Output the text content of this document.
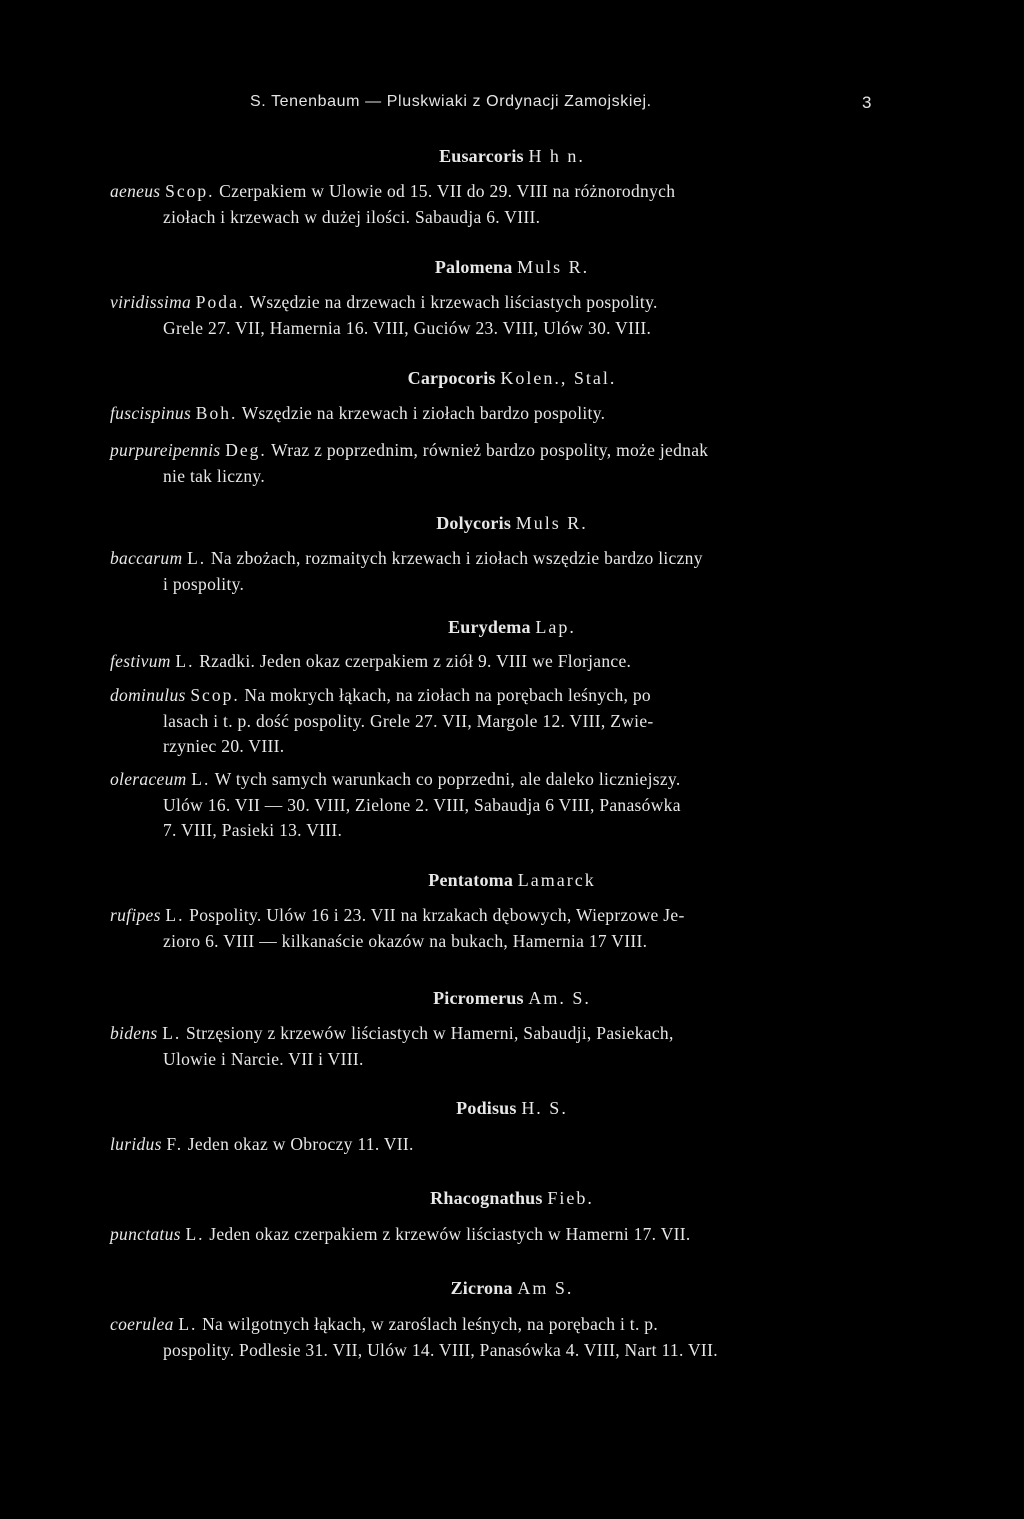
S. Tenenbaum — Pluskwiaki z Ordynacji Zamojskiej.	3
Eusarcoris H h n.
aeneus Scop. Czerpakiem w Ulowie od 15. VII do 29. VIII na różnorodnych
ziołach i krzewach w dużej ilości. Sabaudja 6. VIII.
Palomena Muls R.
viridissima Poda. Wszędzie na drzewach i krzewach liściastych pospolity.
Grele 27. VII, Hamernia 16. VIII, Guciów 23. VIII, Ulów 30. VIII.
Carpocoris Kolen., Stal.
fuscispinus Boh. Wszędzie na krzewach i ziołach bardzo pospolity.
purpureipennis Deg. Wraz z poprzednim, również bardzo pospolity, może jednak
nie tak liczny.
Dolycoris Muls R.
baccarum L. Na zbożach, rozmaitych krzewach i ziołach wszędzie bardzo liczny
i pospolity.
Eurydema Lap.
festivum L. Rzadki. Jeden okaz czerpakiem z ziół 9. VIII we Florjance.
dominulus Scop. Na mokrych łąkach, na ziołach na porębach leśnych, po
lasach i t. p. dość pospolity. Grele 27. VII, Margole 12. VIII, Zwie-
rzyniec 20. VIII.
oleraceum L. W tych samych warunkach co poprzedni, ale daleko liczniejszy.
Ulów 16. VII — 30. VIII, Zielone 2. VIII, Sabaudja 6 VIII, Panasówka
7. VIII, Pasieki 13. VIII.
Pentatoma Lamarck
rufipes L. Pospolity. Ulów 16 i 23. VII na krzakach dębowych, Wieprzowe Je-
zioro 6. VIII — kilkanaście okazów na bukach, Hamernia 17 VIII.
Picromerus Am. S.
bidens L. Strzęsiony z krzewów liściastych w Hamerni, Sabaudji, Pasiekach,
Ulowie i Narcie. VII i VIII.
Podisus H. S.
luridus F. Jeden okaz w Obroczy 11. VII.
Rhacognathus Fieb.
punctatus L. Jeden okaz czerpakiem z krzewów liściastych w Hamerni 17. VII.
Zicrona Am S.
coerulea L. Na wilgotnych łąkach, w zaroślach leśnych, na porębach i t. p.
pospolity. Podlesie 31. VII, Ulów 14. VIII, Panasówka 4. VIII, Nart 11. VII.
